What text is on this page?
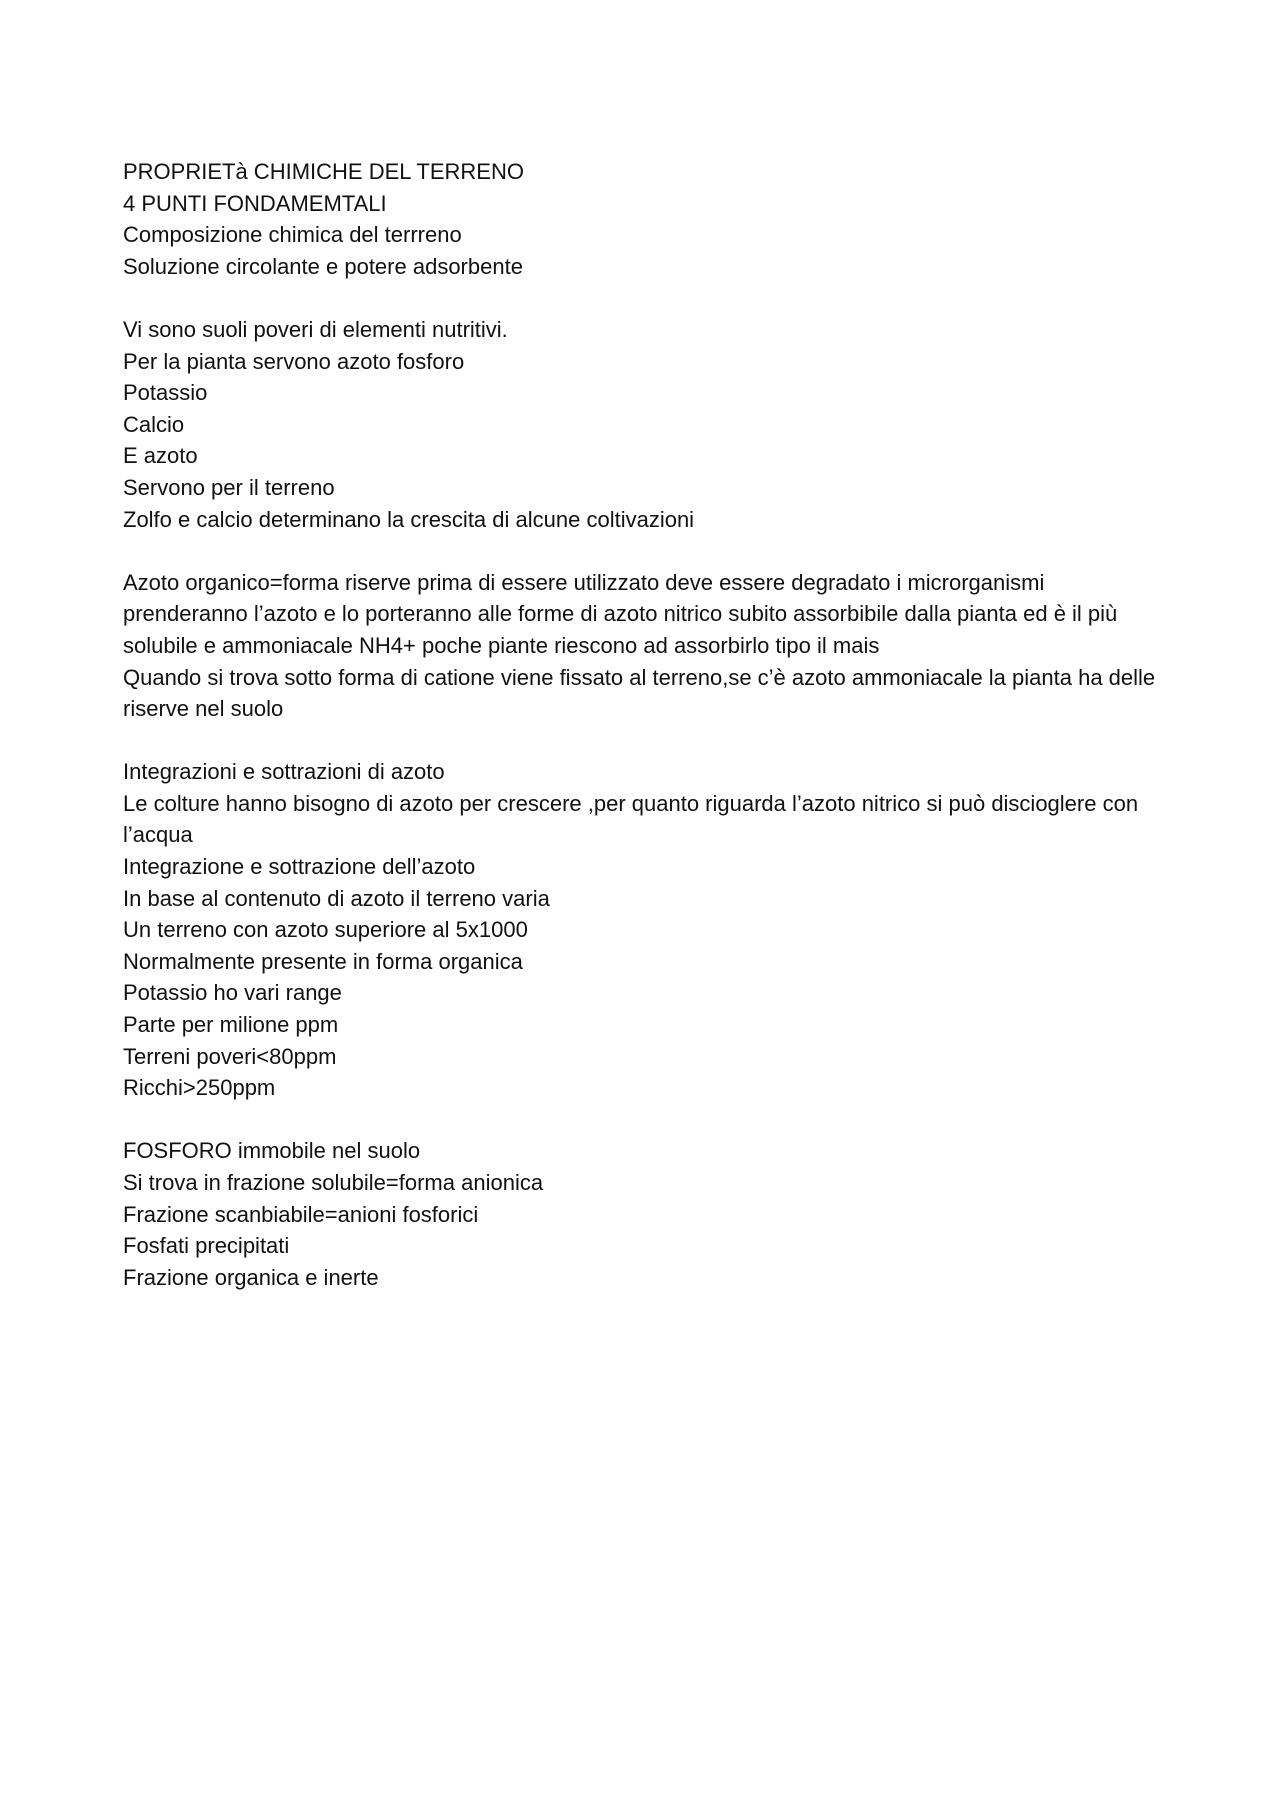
PROPRIETà CHIMICHE DEL TERRENO
4 PUNTI FONDAMEMTALI
Composizione chimica del terrreno
Soluzione circolante e potere adsorbente
Vi sono suoli poveri di elementi nutritivi.
Per la pianta servono azoto fosforo
Potassio
Calcio
E azoto
Servono per il terreno
Zolfo e calcio determinano la crescita di alcune coltivazioni
Azoto organico=forma riserve prima di essere utilizzato deve essere degradato i microrganismi prenderanno l’azoto e lo porteranno alle forme di azoto nitrico subito assorbibile dalla pianta ed è il più solubile e ammoniacale NH4+ poche piante riescono ad assorbirlo tipo il mais
Quando si trova sotto forma di catione viene fissato al terreno,se c’è azoto ammoniacale la pianta ha delle riserve nel suolo
Integrazioni e sottrazioni di azoto
Le colture hanno bisogno di azoto per crescere ,per quanto riguarda l’azoto nitrico si può discioglere con l’acqua
Integrazione e sottrazione dell’azoto
In base al contenuto di azoto il terreno varia
Un terreno con azoto superiore al 5x1000
Normalmente presente in forma organica
Potassio ho vari range
Parte per milione ppm
Terreni poveri<80ppm
Ricchi>250ppm
FOSFORO immobile nel suolo
Si trova in frazione solubile=forma anionica
Frazione scanbiabile=anioni fosforici
Fosfati precipitati
Frazione organica e inerte
